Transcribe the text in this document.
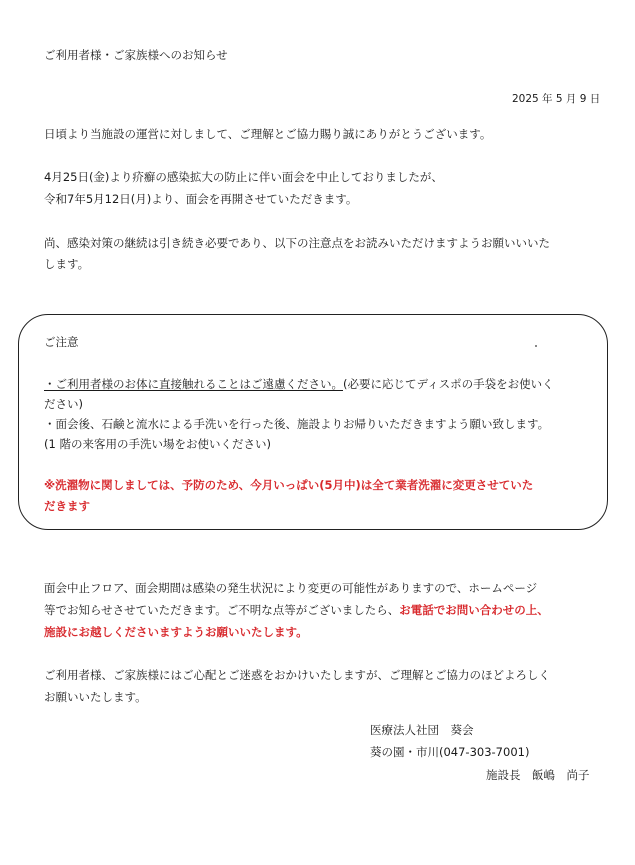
ご利用者様・ご家族様へのお知らせ
2025 年 5 月 9 日
日頃より当施設の運営に対しまして、ご理解とご協力賜り誠にありがとうございます。
4月25日(金)より疥癬の感染拡大の防止に伴い面会を中止しておりましたが、
令和7年5月12日(月)より、面会を再開させていただきます。
尚、感染対策の継続は引き続き必要であり、以下の注意点をお読みいただけますようお願いいいた
します。
ご注意
・ご利用者様のお体に直接触れることはご遠慮ください。(必要に応じてディスポの手袋をお使いく
ださい)
・面会後、石鹸と流水による手洗いを行った後、施設よりお帰りいただきますよう願い致します。
(1 階の来客用の手洗い場をお使いください)
※洗濯物に関しましては、予防のため、今月いっぱい(5月中)は全て業者洗濯に変更させていた
だきます
面会中止フロア、面会期間は感染の発生状況により変更の可能性がありますので、ホームページ
等でお知らせさせていただきます。ご不明な点等がございましたら、お電話でお問い合わせの上、
施設にお越しくださいますようお願いいたします。
ご利用者様、ご家族様にはご心配とご迷惑をおかけいたしますが、ご理解とご協力のほどよろしく
お願いいたします。
医療法人社団　葵会
葵の園・市川(047-303-7001)
施設長　飯嶋　尚子
